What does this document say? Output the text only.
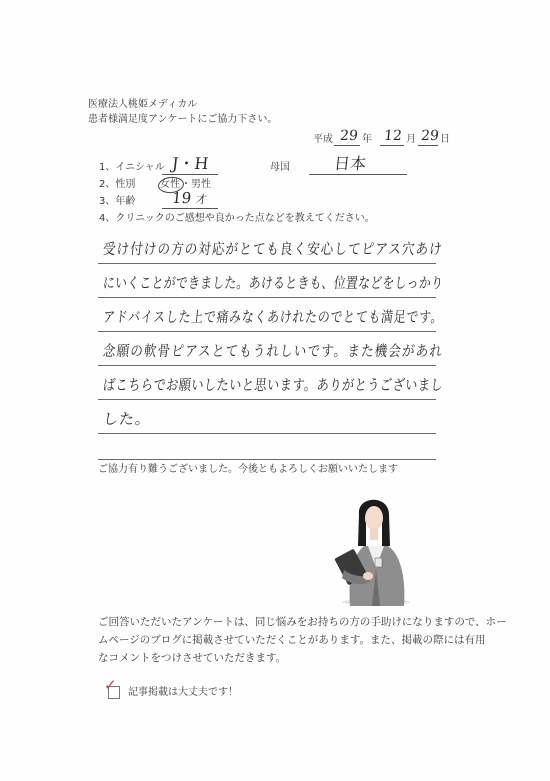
医療法人桃姫メディカル
患者様満足度アンケートにご協力下さい。
平成 29 年 12 月 29 日
1、イニシャル J・H	母国	日本
2、性別 女性 ・男性
3、年齢 19 才
4、クリニックのご感想や良かった点などを教えてください。
受け付けの方の対応がとても良く安心してピアス穴あけ
にいくことができました。あけるときも、位置などをしっかり
アドバイスした上で痛みなくあけれたのでとても満足です。
念願の軟骨ピアスとてもうれしいです。また機会があれ
ばこちらでお願いしたいと思います。ありがとうございまし
した。
ご協力有り難うございました。今後ともよろしくお願いいたします
ご回答いただいたアンケートは、同じ悩みをお持ちの方の手助けになりますので、ホー
ムページのブログに掲載させていただくことがあります。また、掲載の際には有用
なコメントをつけさせていただきます。
✓ 記事掲載は大丈夫です！
